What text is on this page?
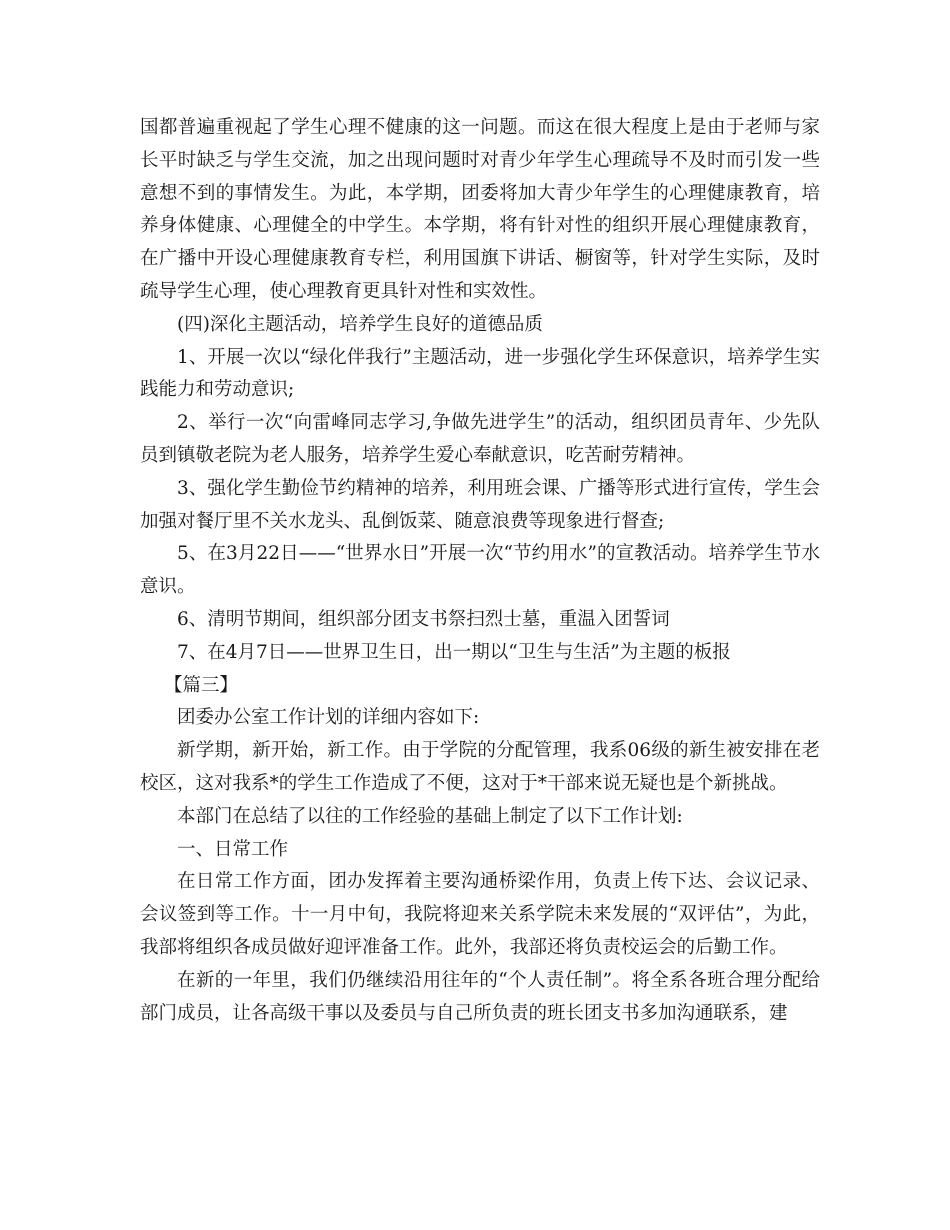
国都普遍重视起了学生心理不健康的这一问题。而这在很大程度上是由于老师与家长平时缺乏与学生交流，加之出现问题时对青少年学生心理疏导不及时而引发一些意想不到的事情发生。为此，本学期，团委将加大青少年学生的心理健康教育，培养身体健康、心理健全的中学生。本学期，将有针对性的组织开展心理健康教育，在广播中开设心理健康教育专栏，利用国旗下讲话、橱窗等，针对学生实际，及时疏导学生心理，使心理教育更具针对性和实效性。

(四)深化主题活动，培养学生良好的道德品质

1、开展一次以“绿化伴我行”主题活动，进一步强化学生环保意识，培养学生实践能力和劳动意识;

2、举行一次“向雷峰同志学习,争做先进学生”的活动，组织团员青年、少先队员到镇敬老院为老人服务，培养学生爱心奉献意识，吃苦耐劳精神。

3、强化学生勤俭节约精神的培养，利用班会课、广播等形式进行宣传，学生会加强对餐厅里不关水龙头、乱倒饭菜、随意浪费等现象进行督查;

5、在3月22日——“世界水日”开展一次“节约用水”的宣教活动。培养学生节水意识。

6、清明节期间，组织部分团支书祭扫烈士墓，重温入团誓词

7、在4月7日——世界卫生日，出一期以“卫生与生活”为主题的板报

【篇三】

团委办公室工作计划的详细内容如下:

新学期，新开始，新工作。由于学院的分配管理，我系06级的新生被安排在老校区，这对我系*的学生工作造成了不便，这对于*干部来说无疑也是个新挑战。

本部门在总结了以往的工作经验的基础上制定了以下工作计划:

一、日常工作

在日常工作方面，团办发挥着主要沟通桥梁作用，负责上传下达、会议记录、会议签到等工作。十一月中旬，我院将迎来关系学院未来发展的“双评估”，为此，我部将组织各成员做好迎评准备工作。此外，我部还将负责校运会的后勤工作。

在新的一年里，我们仍继续沿用往年的“个人责任制”。将全系各班合理分配给部门成员，让各高级干事以及委员与自己所负责的班长团支书多加沟通联系，建
